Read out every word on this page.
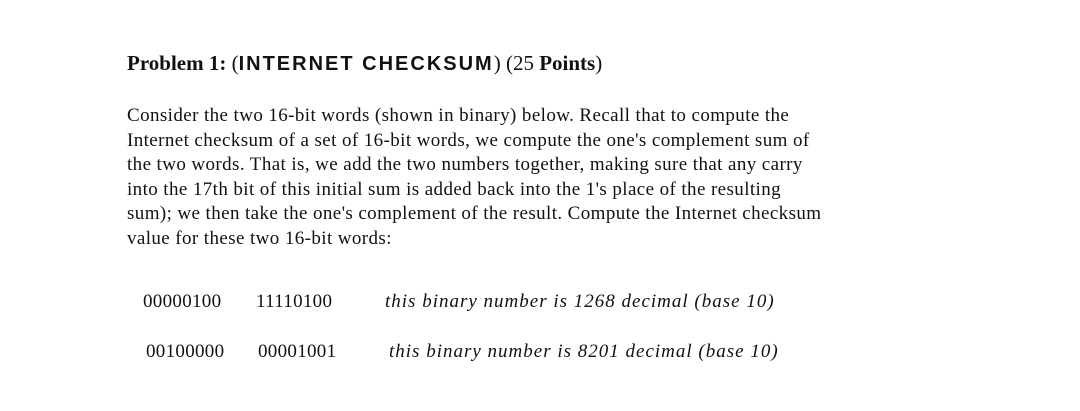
Problem 1: (INTERNET CHECKSUM) (25 Points)
Consider the two 16-bit words (shown in binary) below. Recall that to compute the
Internet checksum of a set of 16-bit words, we compute the one's complement sum of
the two words. That is, we add the two numbers together, making sure that any carry
into the 17th bit of this initial sum is added back into the 1's place of the resulting
sum); we then take the one's complement of the result. Compute the Internet checksum
value for these two 16-bit words:
00000100 11110100	this binary number is 1268 decimal (base 10)
00100000 00001001	this binary number is 8201 decimal (base 10)
